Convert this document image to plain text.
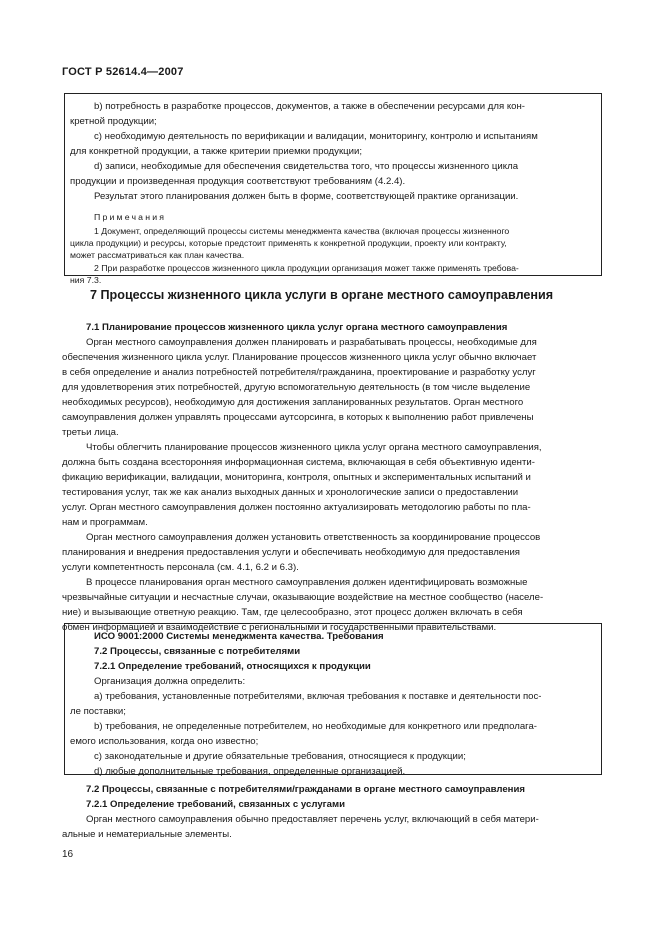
ГОСТ Р 52614.4—2007

b) потребность в разработке процессов, документов, а также в обеспечении ресурсами для кон-

кретной продукции;

c) необходимую деятельность по верификации и валидации, мониторингу, контролю и испытаниям

для конкретной продукции, а также критерии приемки продукции;

d) записи, необходимые для обеспечения свидетельства того, что процессы жизненного цикла

продукции и произведенная продукция соответствуют требованиям (4.2.4).

Результат этого планирования должен быть в форме, соответствующей практике организации.

Примечания

1 Документ, определяющий процессы системы менеджмента качества (включая процессы жизненного

цикла продукции) и ресурсы, которые предстоит применять к конкретной продукции, проекту или контракту,

может рассматриваться как план качества.

2 При разработке процессов жизненного цикла продукции организация может также применять требова-

ния 7.3.

7 Процессы жизненного цикла услуги в органе местного самоуправления

7.1 Планирование процессов жизненного цикла услуг органа местного самоуправления

Орган местного самоуправления должен планировать и разрабатывать процессы, необходимые для

обеспечения жизненного цикла услуг. Планирование процессов жизненного цикла услуг обычно включает

в себя определение и анализ потребностей потребителя/гражданина, проектирование и разработку услуг

для удовлетворения этих потребностей, другую вспомогательную деятельность (в том числе выделение

необходимых ресурсов), необходимую для достижения запланированных результатов. Орган местного

самоуправления должен управлять процессами аутсорсинга, в которых к выполнению работ привлечены

третьи лица.

Чтобы облегчить планирование процессов жизненного цикла услуг органа местного самоуправления,

должна быть создана всесторонняя информационная система, включающая в себя объективную иденти-

фикацию верификации, валидации, мониторинга, контроля, опытных и экспериментальных испытаний и

тестирования услуг, так же как анализ выходных данных и хронологические записи о предоставлении

услуг. Орган местного самоуправления должен постоянно актуализировать методологию работы по пла-

нам и программам.

Орган местного самоуправления должен установить ответственность за координирование процессов

планирования и внедрения предоставления услуги и обеспечивать необходимую для предоставления

услуги компетентность персонала (см. 4.1, 6.2 и 6.3).

В процессе планирования орган местного самоуправления должен идентифицировать возможные

чрезвычайные ситуации и несчастные случаи, оказывающие воздействие на местное сообщество (населе-

ние) и вызывающие ответную реакцию. Там, где целесообразно, этот процесс должен включать в себя

обмен информацией и взаимодействие с региональными и государственными правительствами.

ИСО 9001:2000 Системы менеджмента качества. Требования

7.2 Процессы, связанные с потребителями

7.2.1 Определение требований, относящихся к продукции

Организация должна определить:

a) требования, установленные потребителями, включая требования к поставке и деятельности пос-

ле поставки;

b) требования, не определенные потребителем, но необходимые для конкретного или предполага-

емого использования, когда оно известно;

c) законодательные и другие обязательные требования, относящиеся к продукции;

d) любые дополнительные требования, определенные организацией.

7.2 Процессы, связанные с потребителями/гражданами в органе местного самоуправления

7.2.1 Определение требований, связанных с услугами

Орган местного самоуправления обычно предоставляет перечень услуг, включающий в себя матери-

альные и нематериальные элементы.

16
